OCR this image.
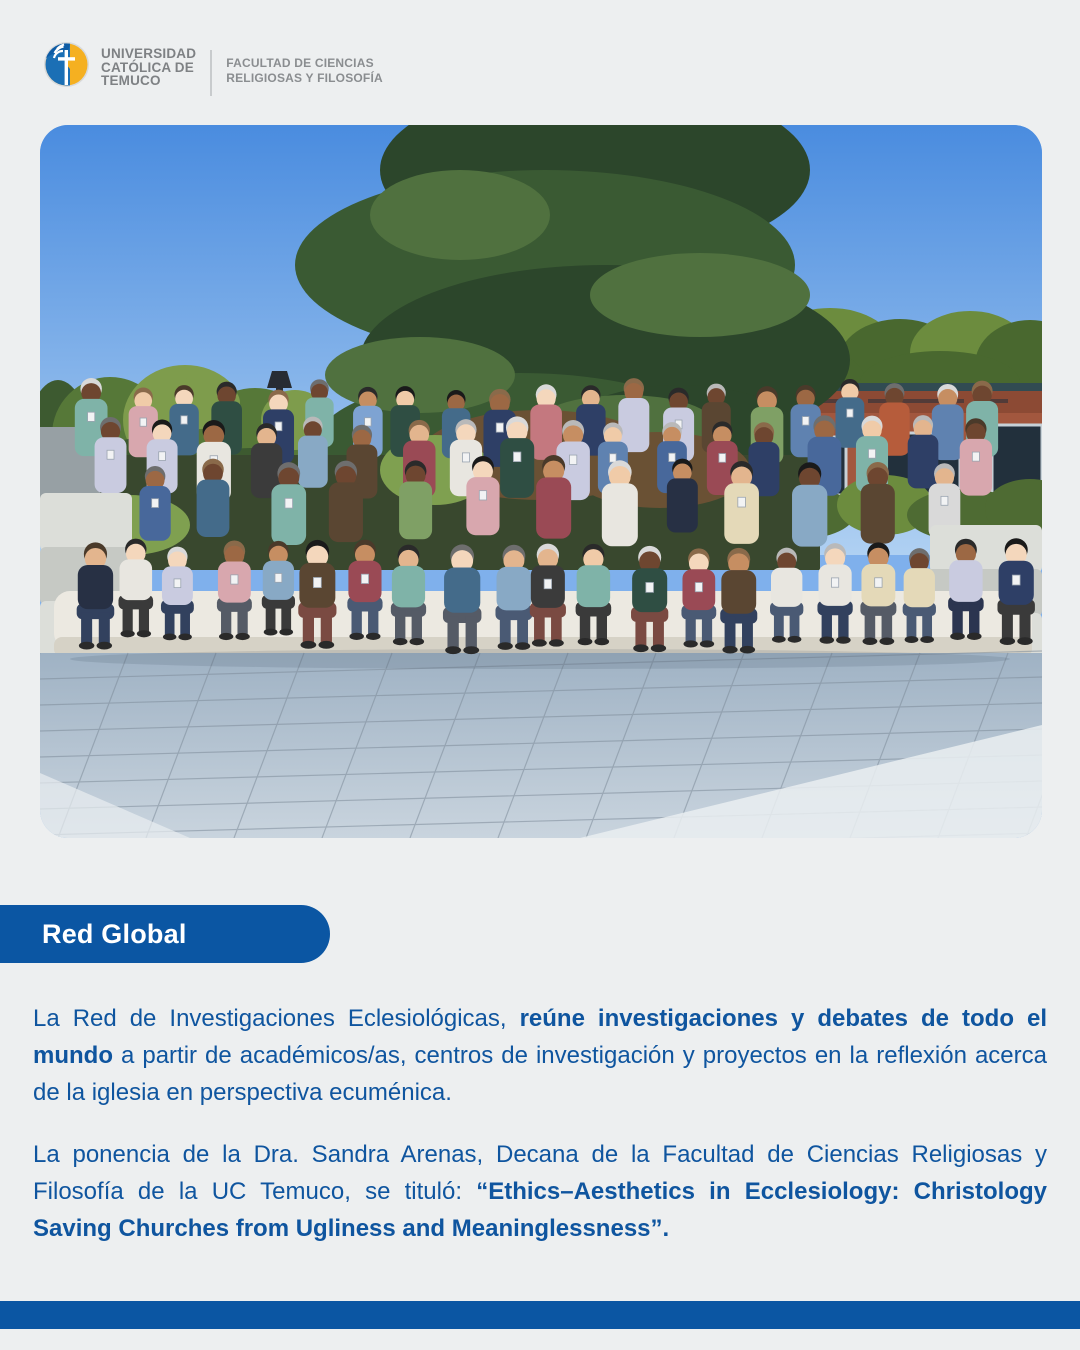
UNIVERSIDAD
CATÓLICA DE
TEMUCO
FACULTAD DE CIENCIAS
RELIGIOSAS Y FILOSOFÍA
Red Global

La Red de Investigaciones Eclesiológicas, reúne investigaciones y debates de todo el mundo a partir de académicos/as, centros de investigación y proyectos en la reflexión acerca de la iglesia en perspectiva ecuménica.

La ponencia de la Dra. Sandra Arenas, Decana de la Facultad de Ciencias Religiosas y Filosofía de la UC Temuco, se tituló: “Ethics–Aesthetics in Ecclesiology: Christology Saving Churches from Ugliness and Meaninglessness”.
